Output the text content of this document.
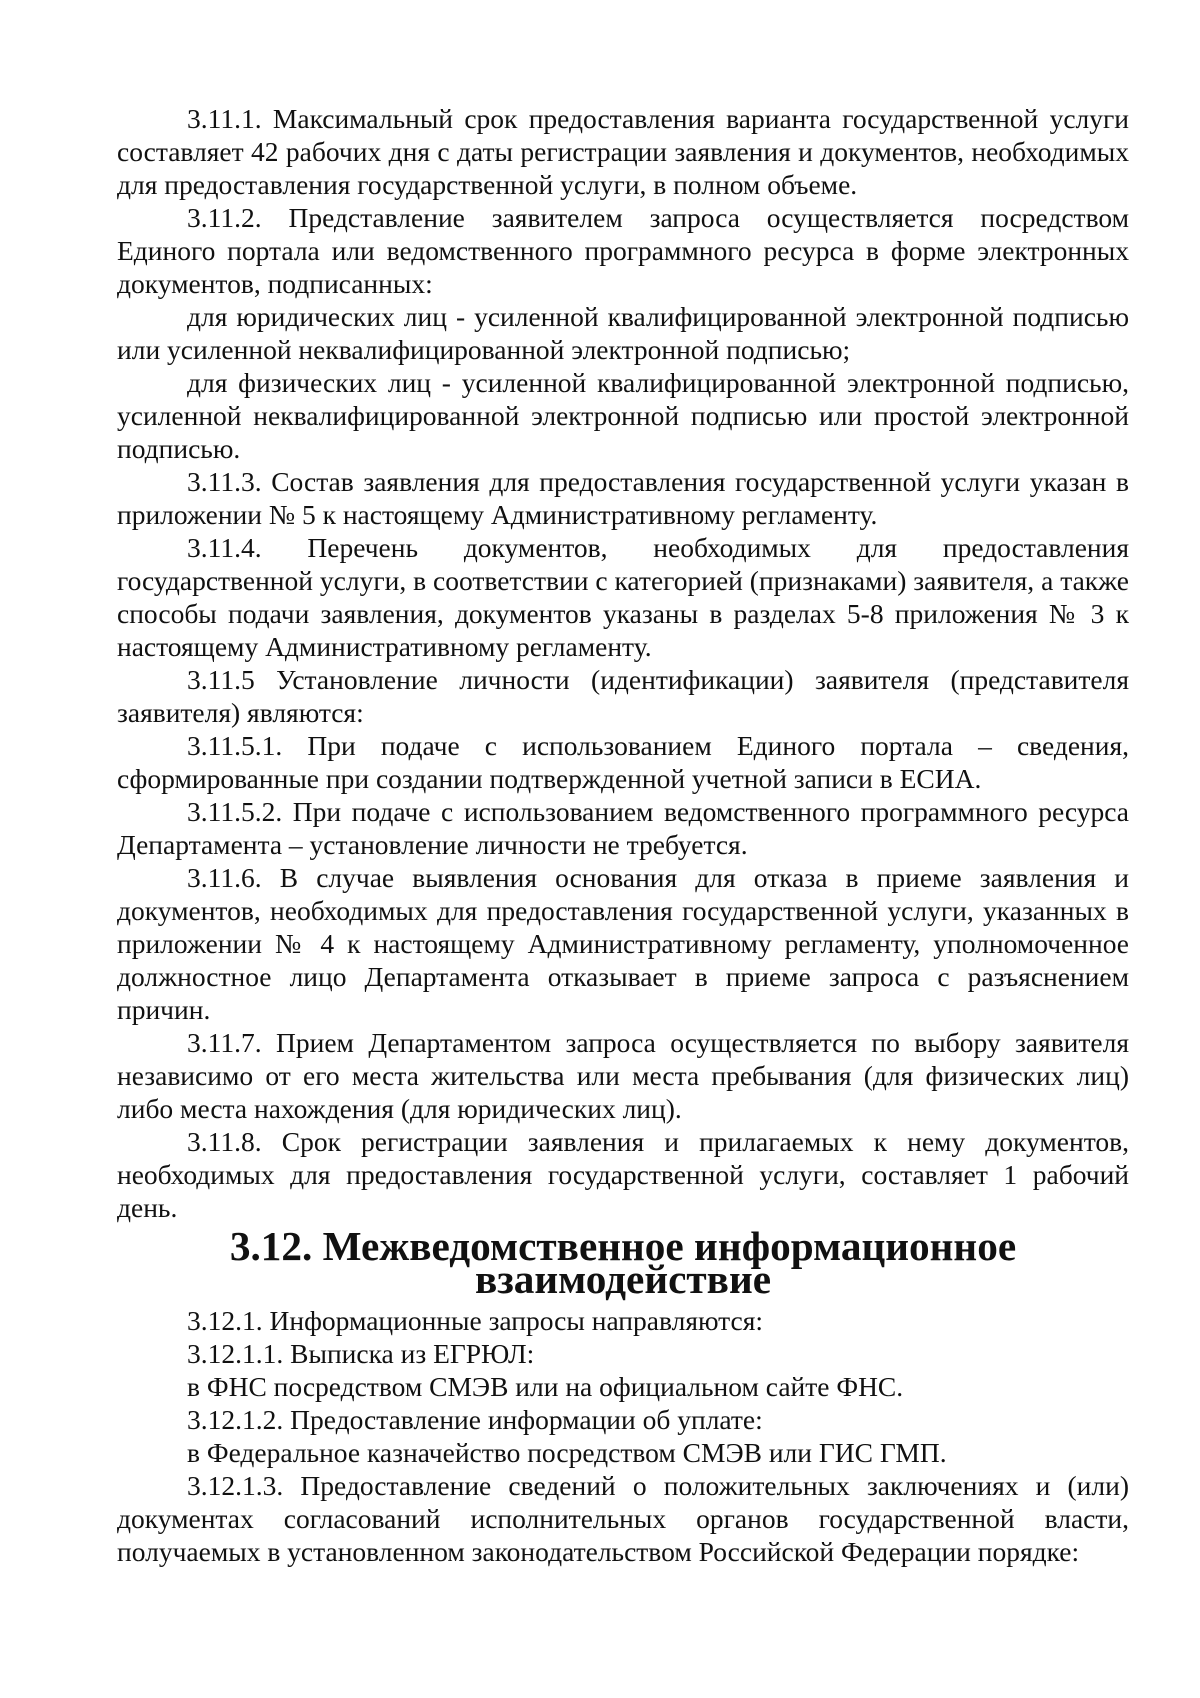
3.11.1. Максимальный срок предоставления варианта государственной услуги составляет 42 рабочих дня с даты регистрации заявления и документов, необходимых для предоставления государственной услуги, в полном объеме.

3.11.2. Представление заявителем запроса осуществляется посредством Единого портала или ведомственного программного ресурса в форме электронных документов, подписанных:

для юридических лиц - усиленной квалифицированной электронной подписью или усиленной неквалифицированной электронной подписью;

для физических лиц - усиленной квалифицированной электронной подписью, усиленной неквалифицированной электронной подписью или простой электронной подписью.

3.11.3. Состав заявления для предоставления государственной услуги указан в приложении № 5 к настоящему Административному регламенту.

3.11.4. Перечень документов, необходимых для предоставления государственной услуги, в соответствии с категорией (признаками) заявителя, а также способы подачи заявления, документов указаны в разделах 5-8 приложения № 3 к настоящему Административному регламенту.

3.11.5 Установление личности (идентификации) заявителя (представителя заявителя) являются:

3.11.5.1. При подаче с использованием Единого портала – сведения, сформированные при создании подтвержденной учетной записи в ЕСИА.

3.11.5.2. При подаче с использованием ведомственного программного ресурса Департамента – установление личности не требуется.

3.11.6. В случае выявления основания для отказа в приеме заявления и документов, необходимых для предоставления государственной услуги, указанных в приложении № 4 к настоящему Административному регламенту, уполномоченное должностное лицо Департамента отказывает в приеме запроса с разъяснением причин.

3.11.7. Прием Департаментом запроса осуществляется по выбору заявителя независимо от его места жительства или места пребывания (для физических лиц) либо места нахождения (для юридических лиц).

3.11.8. Срок регистрации заявления и прилагаемых к нему документов, необходимых для предоставления государственной услуги, составляет 1 рабочий день.

3.12. Межведомственное информационное взаимодействие

3.12.1. Информационные запросы направляются:

3.12.1.1. Выписка из ЕГРЮЛ:

в ФНС посредством СМЭВ или на официальном сайте ФНС.

3.12.1.2. Предоставление информации об уплате:

в Федеральное казначейство посредством СМЭВ или ГИС ГМП.

3.12.1.3. Предоставление сведений о положительных заключениях и (или) документах согласований исполнительных органов государственной власти, получаемых в установленном законодательством Российской Федерации порядке:
